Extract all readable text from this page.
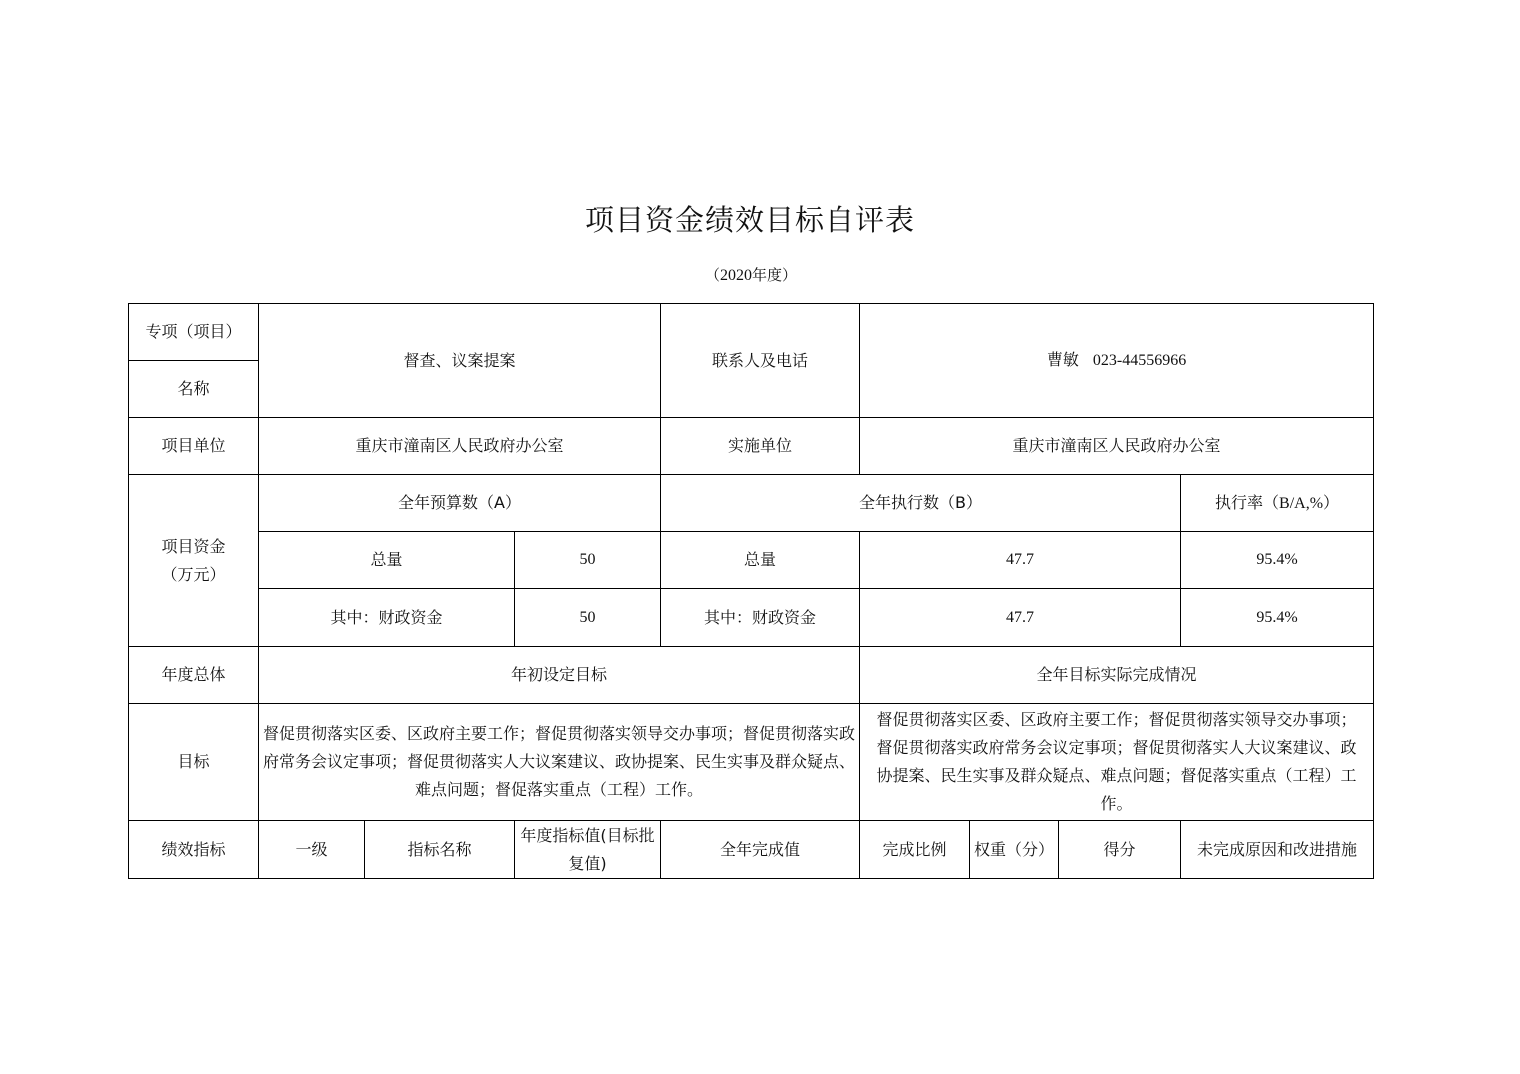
项目资金绩效目标自评表
（2020年度）
专项（项目）	督查、议案提案			联系人及电话	曹敏 023-44556966			
名称								
项目单位	重庆市潼南区人民政府办公室			实施单位	重庆市潼南区人民政府办公室			

项目资金
（万元）	全年预算数（A）			全年执行数（B）				执行率（B/A,%）
	总量		50	总量	47.7			95.4%
	其中：财政资金		50	其中：财政资金	47.7			95.4%
年度总体	年初设定目标				全年目标实际完成情况			
目标	督促贯彻落实区委、区政府主要工作；督促贯彻落实领导交办事项；督促贯彻落实政府常务会议定事项；督促贯彻落实人大议案建议、政协提案、民生实事及群众疑点、难点问题；督促落实重点（工程）工作。				督促贯彻落实区委、区政府主要工作；督促贯彻落实领导交办事项；督促贯彻落实政府常务会议定事项；督促贯彻落实人大议案建议、政协提案、民生实事及群众疑点、难点问题；督促落实重点（工程）工作。			
绩效指标	一级	指标名称	年度指标值(目标批复值)	全年完成值	完成比例	权重（分）	得分	未完成原因和改进措施
